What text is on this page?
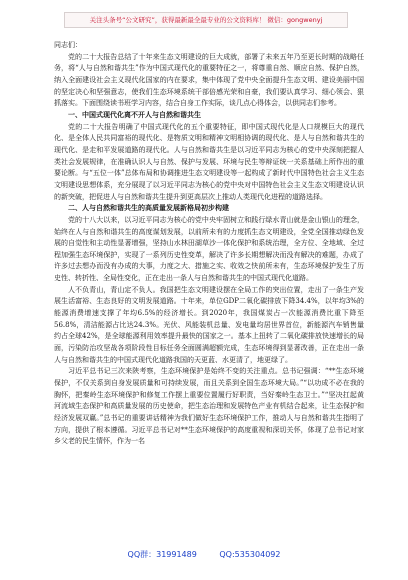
关注头条号“公文研究”，获得最新最全最专业的公文资料库！ 微信：gongwenyj

同志们：

党的二十大报告总结了十年来生态文明建设的巨大成就，部署了未来五年乃至更长时期的战略任务，将“人与自然和谐共生”作为中国式现代化的重要特征之一，将尊重自然、顺应自然、保护自然，纳入全面建设社会主义现代化国家的内在要求，集中体现了党中央全面提升生态文明、建设美丽中国的坚定决心和坚强意志，使我们生态环境系统干部倍感光荣和自豪，我们要认真学习、细心领会、狠抓落实。下面围绕读书班学习内容，结合自身工作实际，谈几点心得体会，以供同志们参考。

一、中国式现代化离不开人与自然和谐共生

党的二十大报告明确了中国式现代化的五个重要特征，即中国式现代化是人口规模巨大的现代化、是全体人民共同富裕的现代化、是物质文明和精神文明相协调的现代化、是人与自然和谐共生的现代化、是走和平发展道路的现代化。人与自然和谐共生是以习近平同志为核心的党中央深刻把握人类社会发展规律，在准确认识人与自然、保护与发展、环境与民生等辩证统一关系基础上所作出的重要论断。与“五位一体”总体布局和协调推进生态文明建设等一起构成了新时代中国特色社会主义生态文明建设思想体系，充分展现了以习近平同志为核心的党中央对中国特色社会主义生态文明建设认识的新突破，把促进人与自然和谐共生提升到更高层次上推动人类现代化进程的道路选择。

二、人与自然和谐共生的高质量发展新格局初步构建

党的十八大以来，以习近平同志为核心的党中央牢固树立和践行绿水青山就是金山银山的理念，始终在人与自然和谐共生的高度谋划发展，以前所未有的力度抓生态文明建设，全党全国推动绿色发展的自觉性和主动性显著增强，坚持山水林田湖草沙一体化保护和系统治理，全方位、全地域、全过程加强生态环境保护，实现了一系列历史性变革，解决了许多长期想解决而没有解决的难题，办成了许多过去想办而没有办成的大事，力度之大、措施之实、收效之快前所未有，生态环境保护发生了历史性、转折性、全局性变化，正在走出一条人与自然和谐共生的中国式现代化道路。

人不负青山，青山定不负人。我国把生态文明建设摆在全局工作的突出位置，走出了一条生产发展生活富裕、生态良好的文明发展道路。十年来，单位GDP二氧化碳排放下降34.4%，以年均3%的能源消费增速支撑了年均6.5%的经济增长。到2020年，我国煤炭占一次能源消费比重下降至56.8%，清洁能源占比达24.3%。光伏、风能装机总量、发电量均居世界首位，新能源汽车销售量约占全球42%，是全球能源利用效率提升最快的国家之一。基本上扭转了二氧化碳排放快速增长的局面，污染防治攻坚战各项阶段性目标任务全面圆满超额完成，生态环境得到显著改善，正在走出一条人与自然和谐共生的中国式现代化道路我国的天更蓝、水更清了，地更绿了。

习近平总书记三次来陕考察，生态环境保护是始终不变的关注重点。总书记强调：“**生态环境保护，不仅关系到自身发展质量和可持续发展，而且关系到全国生态环境大局。”“以功成不必在我的胸怀，把秦岭生态环境保护和修复工作摆上重要位置履行好职责，当好秦岭生态卫士。”“坚决扛起黄河流域生态保护和高质量发展的历史使命，把生态治理和发展特色产业有机结合起来，让生态保护和经济发展双赢。”总书记的重要讲话精神为我们做好生态环境保护工作，推动人与自然和谐共生指明了方向，提供了根本遵循。习近平总书记对**生态环境保护的高度重视和深切关怀，体现了总书记对家乡父老的民生情怀，作为一名

QQ群：31991489	QQ:535304092
